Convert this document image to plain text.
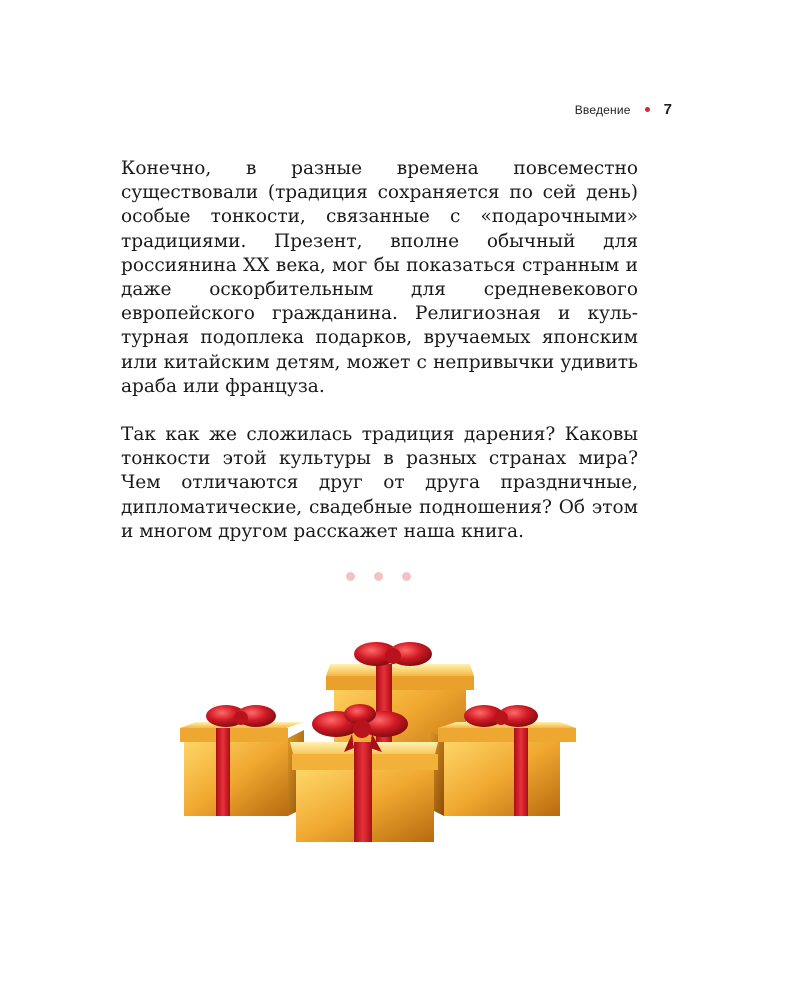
Введение 7

Конечно, в разные времена повсеместно существовали (традиция сохраняется по сей день) особые тонкости, связанные с «подарочными» традициями. Презент, вполне обычный для россиянина XX века, мог бы показаться странным и даже оскорбительным для средневекового европейского гражданина. Религиозная и культурная подоплека подарков, вручаемых японским или китайским детям, может с непривычки удивить араба или француза.

Так как же сложилась традиция дарения? Каковы тонкости этой культуры в разных странах мира? Чем отличаются друг от друга праздничные, дипломатические, свадебные подношения? Об этом и многом другом расскажет наша книга.
